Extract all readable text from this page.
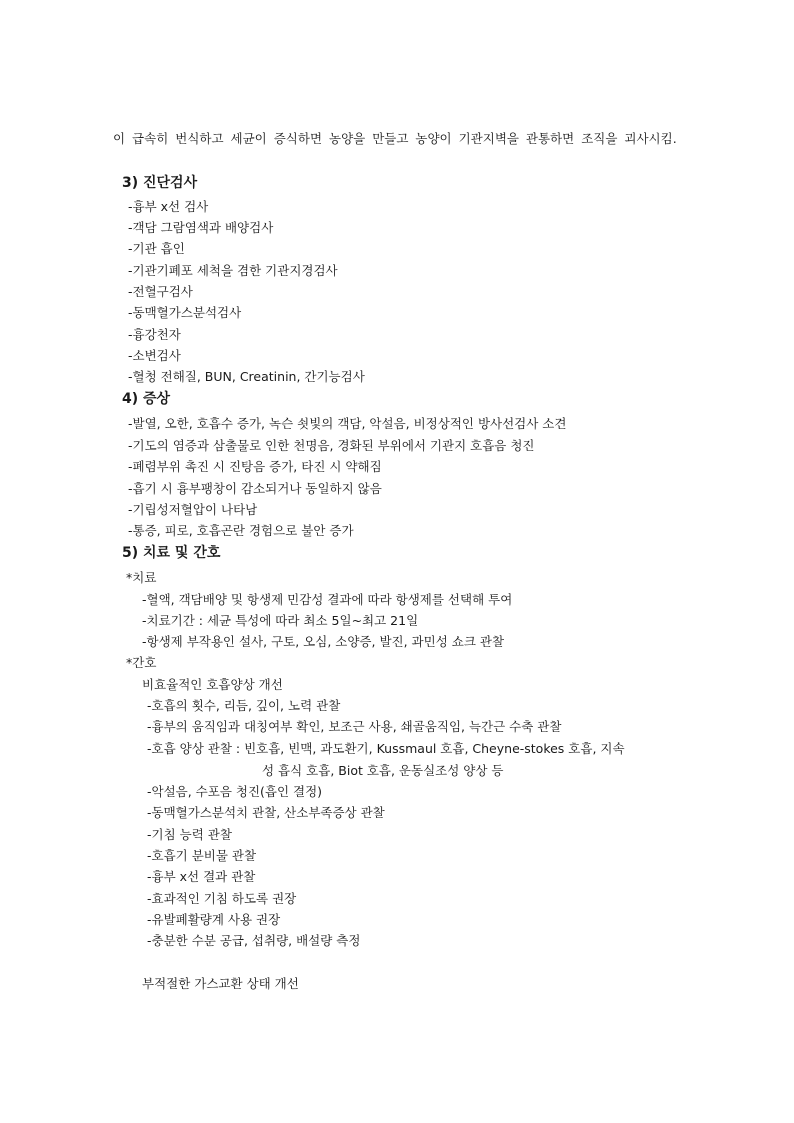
이 급속히 번식하고 세균이 증식하면 농양을 만들고 농양이 기관지벽을 관통하면 조직을 괴사시킴.
3) 진단검사
-흉부 x선 검사
-객담 그람염색과 배양검사
-기관 흡인
-기관기폐포 세척을 겸한 기관지경검사
-전혈구검사
-동맥혈가스분석검사
-흉강천자
-소변검사
-혈청 전해질, BUN, Creatinin, 간기능검사
4) 증상
-발열, 오한, 호흡수 증가, 녹슨 쇳빛의 객담, 악설음, 비정상적인 방사선검사 소견
-기도의 염증과 삼출물로 인한 천명음, 경화된 부위에서 기관지 호흡음 청진
-폐렴부위 촉진 시 진탕음 증가, 타진 시 약해짐
-흡기 시 흉부팽창이 감소되거나 동일하지 않음
-기립성저혈압이 나타남
-통증, 피로, 호흡곤란 경험으로 불안 증가
5) 치료 및 간호
*치료
-혈액, 객담배양 및 항생제 민감성 결과에 따라 항생제를 선택해 투여
-치료기간 : 세균 특성에 따라 최소 5일~최고 21일
-항생제 부작용인 설사, 구토, 오심, 소양증, 발진, 과민성 쇼크 관찰
*간호
비효율적인 호흡양상 개선
-호흡의 횟수, 리듬, 깊이, 노력 관찰
-흉부의 움직임과 대칭여부 확인, 보조근 사용, 쇄골움직임, 늑간근 수축 관찰
-호흡 양상 관찰 : 빈호흡, 빈맥, 과도환기, Kussmaul 호흡, Cheyne-stokes 호흡, 지속
성 흡식 호흡, Biot 호흡, 운동실조성 양상 등
-악설음, 수포음 청진(흡인 결정)
-동맥혈가스분석치 관찰, 산소부족증상 관찰
-기침 능력 관찰
-호흡기 분비물 관찰
-흉부 x선 결과 관찰
-효과적인 기침 하도록 권장
-유발폐활량계 사용 권장
-충분한 수분 공급, 섭취량, 배설량 측정
부적절한 가스교환 상태 개선
